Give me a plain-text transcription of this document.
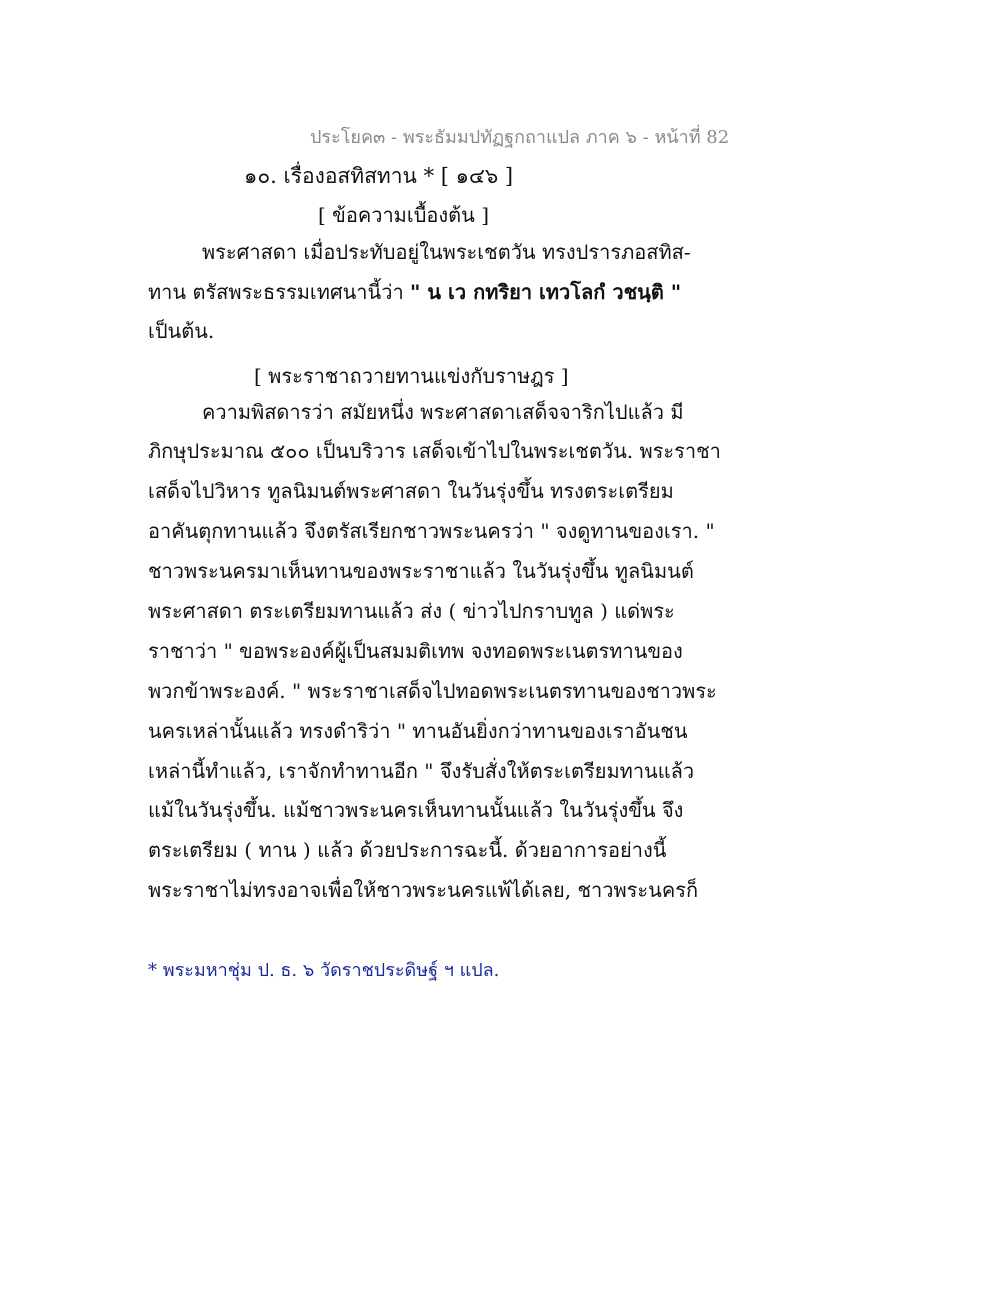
ประโยค๓ - พระธัมมปทัฏฐกถาแปล ภาค ๖ - หน้าที่ 82
๑๐. เรื่องอสทิสทาน * [ ๑๔๖ ]
[ ข้อความเบื้องต้น ]
พระศาสดา เมื่อประทับอยู่ในพระเชตวัน ทรงปรารภอสทิส-
ทาน ตรัสพระธรรมเทศนานี้ว่า " น เว กทริยา เทวโลกํ วชนฺติ "
เป็นต้น.
[ พระราชาถวายทานแข่งกับราษฎร ]
ความพิสดารว่า สมัยหนึ่ง พระศาสดาเสด็จจาริกไปแล้ว มี
ภิกษุประมาณ ๕๐๐ เป็นบริวาร เสด็จเข้าไปในพระเชตวัน. พระราชา
เสด็จไปวิหาร ทูลนิมนต์พระศาสดา ในวันรุ่งขึ้น ทรงตระเตรียม
อาคันตุกทานแล้ว จึงตรัสเรียกชาวพระนครว่า " จงดูทานของเรา. "
ชาวพระนครมาเห็นทานของพระราชาแล้ว ในวันรุ่งขึ้น ทูลนิมนต์
พระศาสดา ตระเตรียมทานแล้ว ส่ง ( ข่าวไปกราบทูล ) แด่พระ
ราชาว่า " ขอพระองค์ผู้เป็นสมมติเทพ จงทอดพระเนตรทานของ
พวกข้าพระองค์. " พระราชาเสด็จไปทอดพระเนตรทานของชาวพระ
นครเหล่านั้นแล้ว ทรงดำริว่า " ทานอันยิ่งกว่าทานของเราอันชน
เหล่านี้ทำแล้ว, เราจักทำทานอีก " จึงรับสั่งให้ตระเตรียมทานแล้ว
แม้ในวันรุ่งขึ้น. แม้ชาวพระนครเห็นทานนั้นแล้ว ในวันรุ่งขึ้น จึง
ตระเตรียม ( ทาน ) แล้ว ด้วยประการฉะนี้. ด้วยอาการอย่างนี้
พระราชาไม่ทรงอาจเพื่อให้ชาวพระนครแพ้ได้เลย, ชาวพระนครก็
* พระมหาชุ่ม ป. ธ. ๖ วัดราชประดิษฐ์ ฯ แปล.
